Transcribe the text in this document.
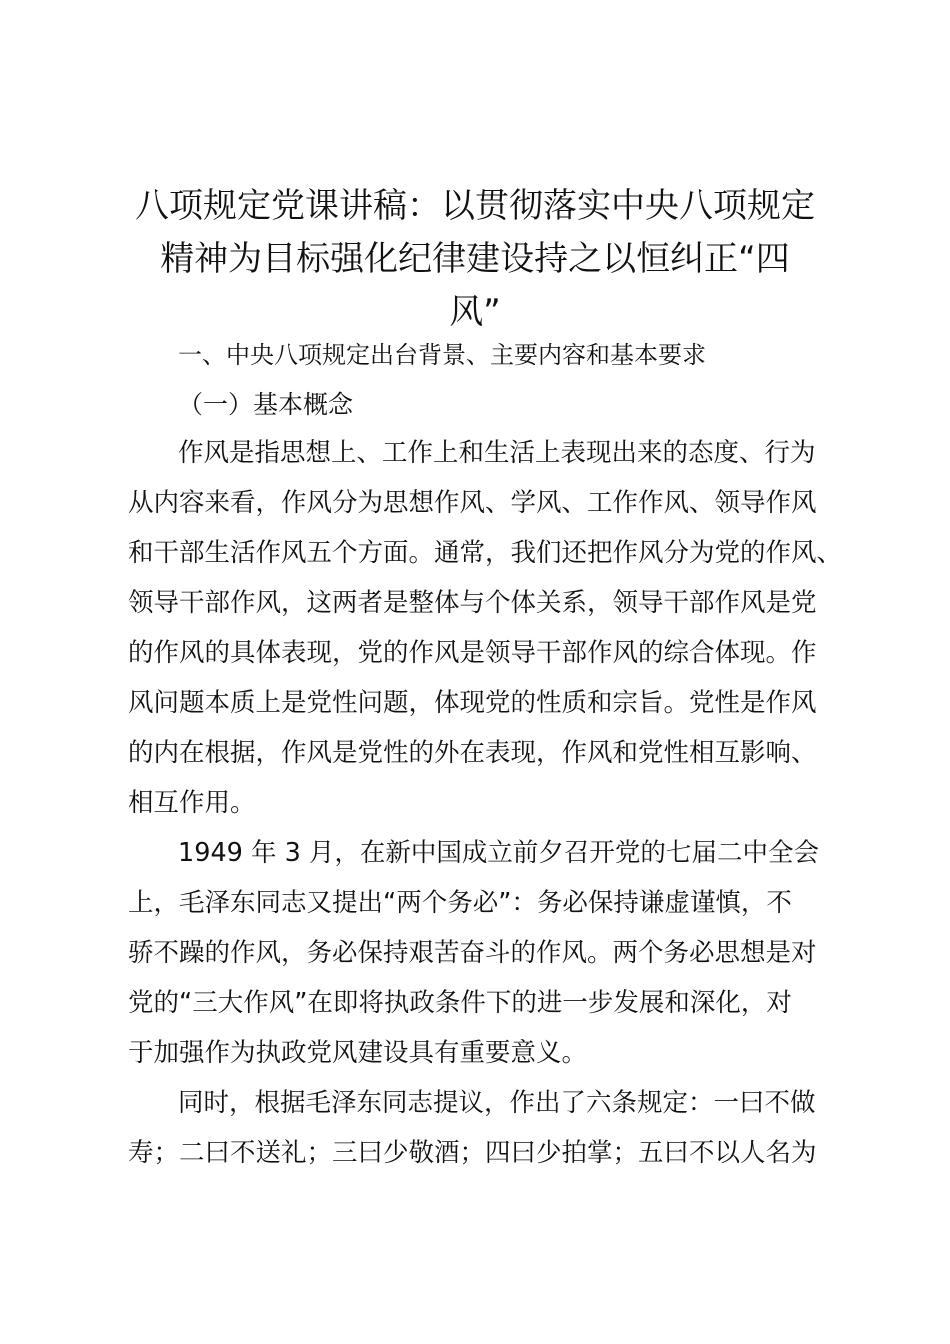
八项规定党课讲稿：以贯彻落实中央八项规定
精神为目标强化纪律建设持之以恒纠正“四
风”
一、中央八项规定出台背景、主要内容和基本要求
（一）基本概念

作风是指思想上、工作上和生活上表现出来的态度、行为
从内容来看，作风分为思想作风、学风、工作作风、领导作风
和干部生活作风五个方面。通常，我们还把作风分为党的作风、
领导干部作风，这两者是整体与个体关系，领导干部作风是党
的作风的具体表现，党的作风是领导干部作风的综合体现。作
风问题本质上是党性问题，体现党的性质和宗旨。党性是作风
的内在根据，作风是党性的外在表现，作风和党性相互影响、
相互作用。

1949 年 3 月，在新中国成立前夕召开党的七届二中全会
上，毛泽东同志又提出“两个务必”：务必保持谦虚谨慎，不
骄不躁的作风，务必保持艰苦奋斗的作风。两个务必思想是对
党的“三大作风”在即将执政条件下的进一步发展和深化，对
于加强作为执政党风建设具有重要意义。

同时，根据毛泽东同志提议，作出了六条规定：一曰不做
寿；二曰不送礼；三曰少敬酒；四曰少拍掌；五曰不以人名为
